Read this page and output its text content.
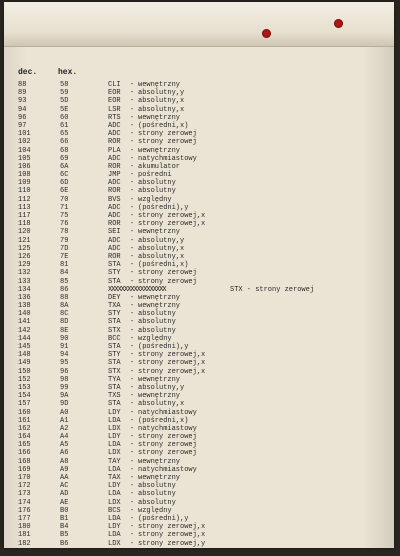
dec.	hex.
88	58	CLI - wewnętrzny
89	59	EOR - absolutny,y
93	5D	EOR - absolutny,x
94	5E	LSR - absolutny,x
96	60	RTS - wewnętrzny
97	61	ADC - (pośredni,x)
101	65	ADC - strony zerowej
102	66	ROR - strony zerowej
104	68	PLA - wewnętrzny
105	69	ADC - natychmiastowy
106	6A	ROR - akumulator
108	6C	JMP - pośredni
109	6D	ADC - absolutny
110	6E	ROR - absolutny
112	70	BVS - względny
113	71	ADC - (pośredni),y
117	75	ADC - strony zerowej,x
118	76	ROR - strony zerowej,x
120	78	SEI - wewnętrzny
121	79	ADC - absolutny,y
125	7D	ADC - absolutny,x
126	7E	ROR - absolutny,x
129	81	STA - (pośredni,x)
132	84	STY - strony zerowej
133	85	STA - strony zerowej
134	86	XXXXXXXXXXXXXXXXXX	STX - strony zerowej
136	88	DEY - wewnętrzny
138	8A	TXA - wewnętrzny
140	8C	STY - absolutny
141	8D	STA - absolutny
142	8E	STX - absolutny
144	90	BCC - względny
145	91	STA - (pośredni),y
148	94	STY - strony zerowej,x
149	95	STA - strony zerowej,x
150	96	STX - strony zerowej,x
152	98	TYA - wewnętrzny
153	99	STA - absolutny,y
154	9A	TXS - wewnętrzny
157	9D	STA - absolutny,x
160	A0	LDY - natychmiastowy
161	A1	LDA - (pośredni,x)
162	A2	LDX - natychmiastowy
164	A4	LDY - strony zerowej
165	A5	LDA - strony zerowej
166	A6	LDX - strony zerowej
168	A8	TAY - wewnętrzny
169	A9	LDA - natychmiastowy
170	AA	TAX - wewnętrzny
172	AC	LDY - absolutny
173	AD	LDA - absolutny
174	AE	LDX - absolutny
176	B0	BCS - względny
177	B1	LDA - (pośredni),y
180	B4	LDY - strony zerowej,x
181	B5	LDA - strony zerowej,x
182	B6	LDX - strony zerowej,y
184	B8	CLV - wewnętrzny
